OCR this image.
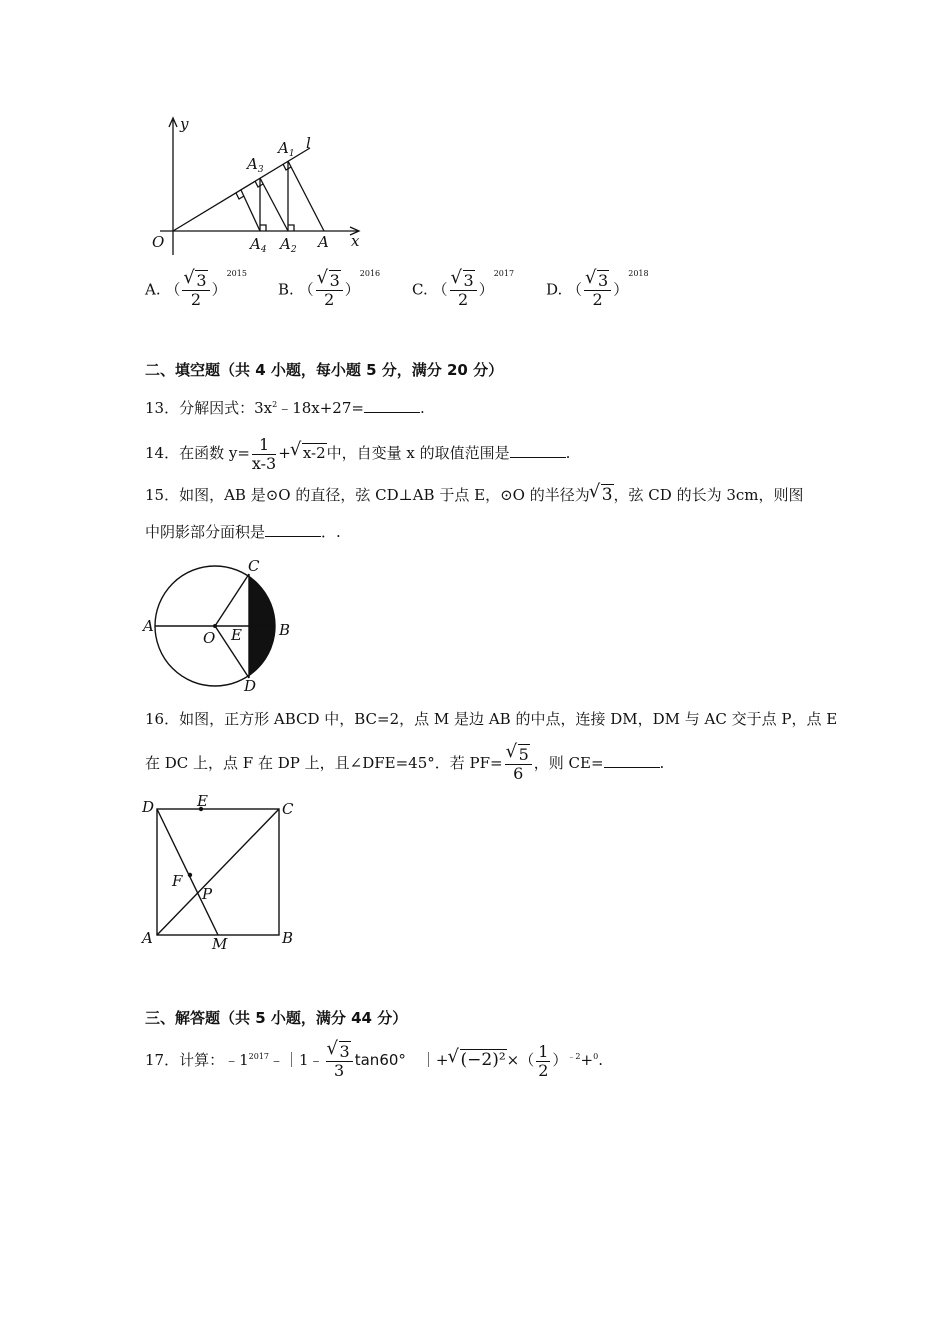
y
x
O	A
l
$A_1$
$A_2$
$A_3$
$A_4$
A. （ √ $\frac{3}{2} )^{2015}$
B. （ √ $\frac{3}{2} )^{2016}$
C. （ √ $\frac{3}{2} )^{2017}$
D. （ √ $\frac{3}{2} )^{2018}$
二、填空题（共 4 小题，每小题 5 分，满分 20 分）
13．分解因式：$3x^2﹣18x+27=$	.
14．在函数 $y= \frac{1}{x-3}$ + √ x-2中，自变量 x 的取值范围是	.
15．如图，AB 是⊙O 的直径，弦 CD⊥AB 于点 E，⊙O 的半径为 √ 3，弦 CD 的长为 3cm，则图
中阴影部分面积是	．.
A	B
C
D
O E
16．如图，正方形 ABCD 中，BC=2，点 M 是边 AB 的中点，连接 DM，DM 与 AC 交于点 P，点 E
在 DC 上，点 F 在 DP 上，且∠DFE=45°．若 PF= √ $\frac{5}{6}$ ，则 CE=	.
D	C
A	B
E
F
P
M
三、解答题（共 5 小题，满分 44 分）
17．计算：$﹣1^{2017}﹣|1﹣$ √ $\frac{3}{3} \tan 60^\circ$　 ｜+ √ $(-2)^2\times( \frac{1}{2} )^{﹣2}+^0$.
